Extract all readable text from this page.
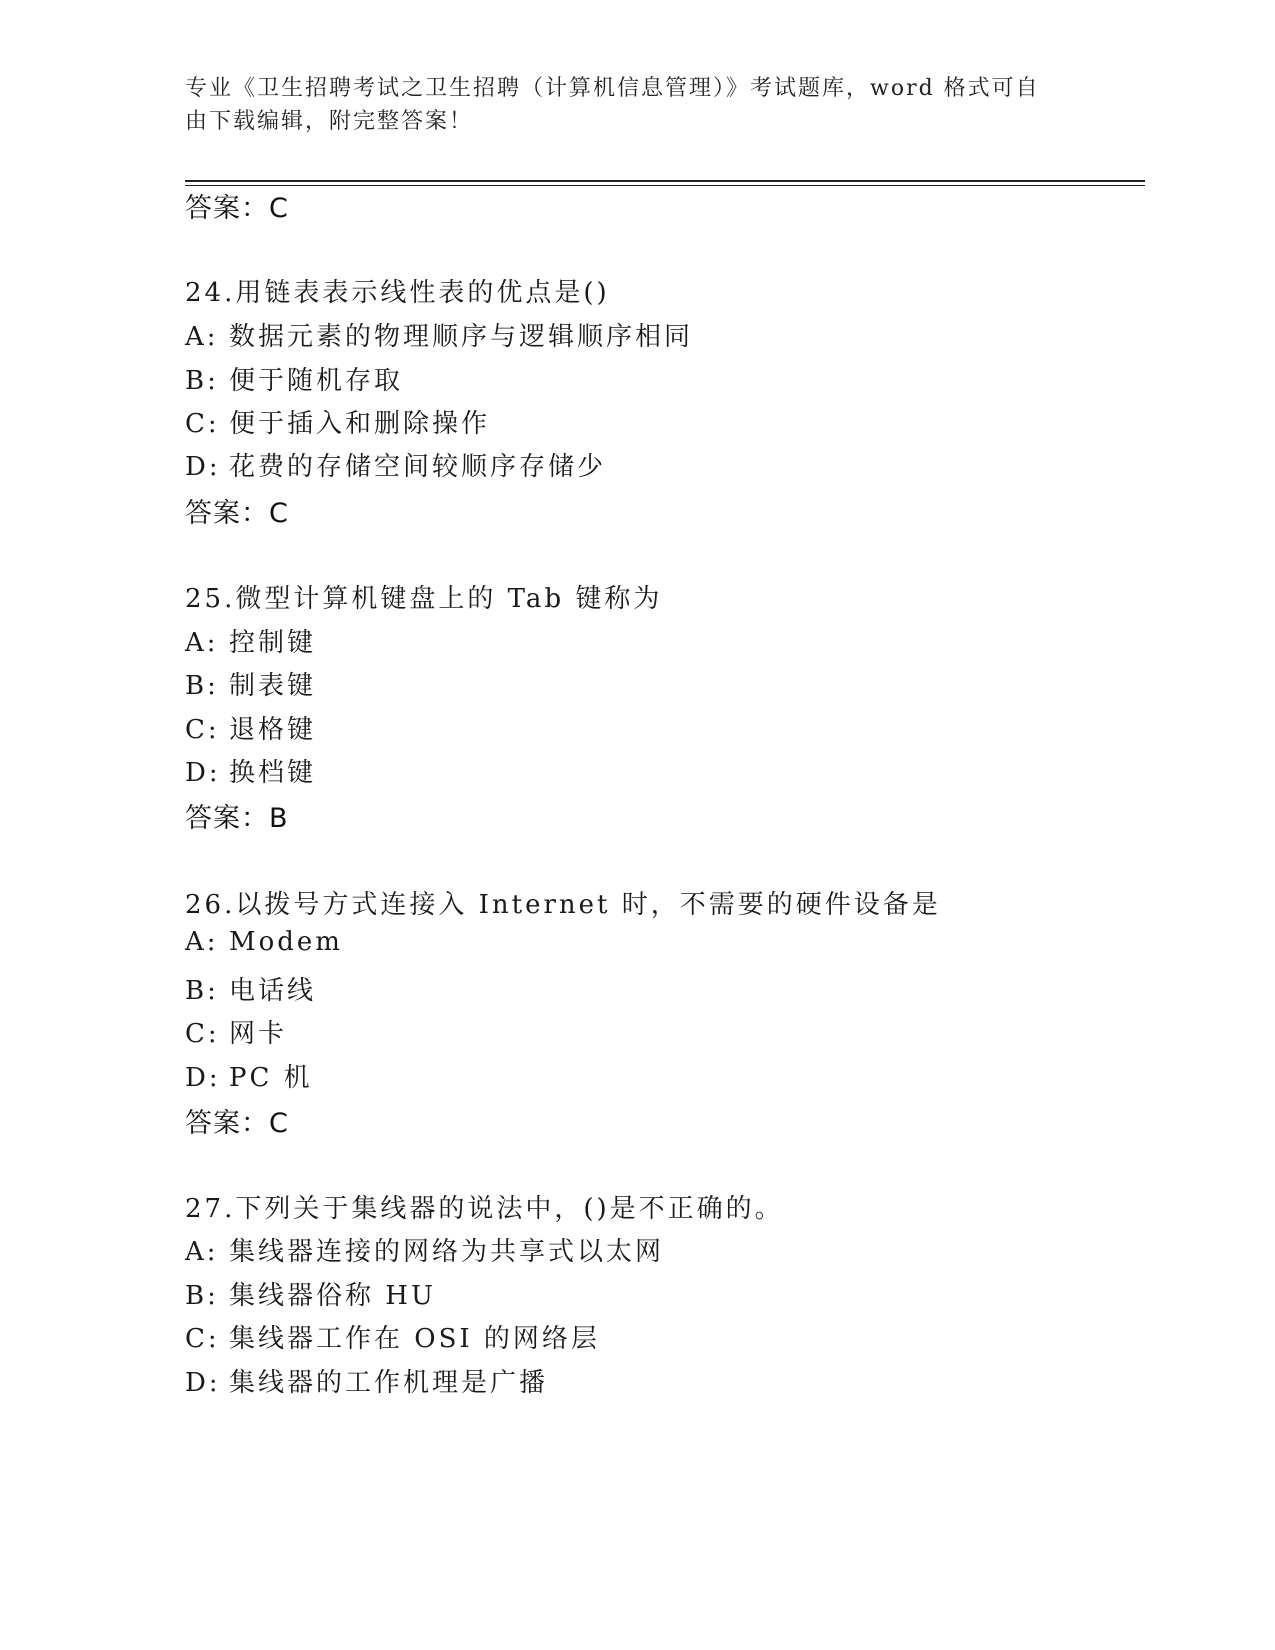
专业《卫生招聘考试之卫生招聘（计算机信息管理）》考试题库，word 格式可自
由下载编辑，附完整答案！
答案：C
24.用链表表示线性表的优点是()
A: 数据元素的物理顺序与逻辑顺序相同
B: 便于随机存取
C: 便于插入和删除操作
D: 花费的存储空间较顺序存储少
答案：C
25.微型计算机键盘上的 Tab 键称为
A: 控制键
B: 制表键
C: 退格键
D: 换档键
答案：B
26.以拨号方式连接入 Internet 时，不需要的硬件设备是
A: Modem
B: 电话线
C: 网卡
D: PC 机
答案：C
27.下列关于集线器的说法中，()是不正确的。
A: 集线器连接的网络为共享式以太网
B: 集线器俗称 HU
C: 集线器工作在 OSI 的网络层
D: 集线器的工作机理是广播
